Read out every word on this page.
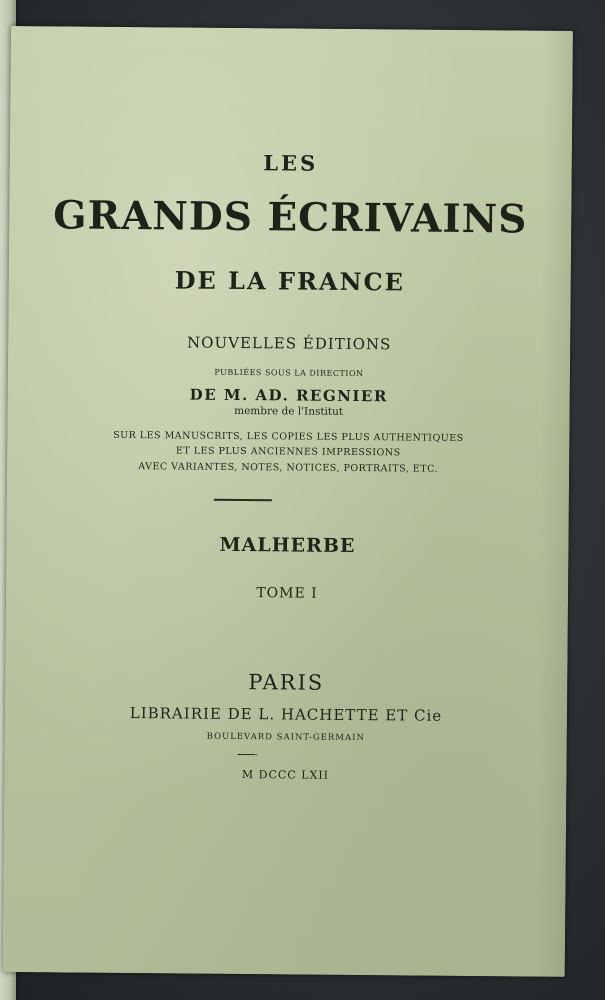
LES

GRANDS ÉCRIVAINS

DE LA FRANCE

NOUVELLES ÉDITIONS

PUBLIÉES SOUS LA DIRECTION

DE M. AD. REGNIER

membre de l'Institut

SUR LES MANUSCRITS, LES COPIES LES PLUS AUTHENTIQUES

ET LES PLUS ANCIENNES IMPRESSIONS

AVEC VARIANTES, NOTES, NOTICES, PORTRAITS, ETC.

MALHERBE

TOME I

PARIS

LIBRAIRIE DE L. HACHETTE ET Cie

BOULEVARD SAINT-GERMAIN

M DCCC LXII
